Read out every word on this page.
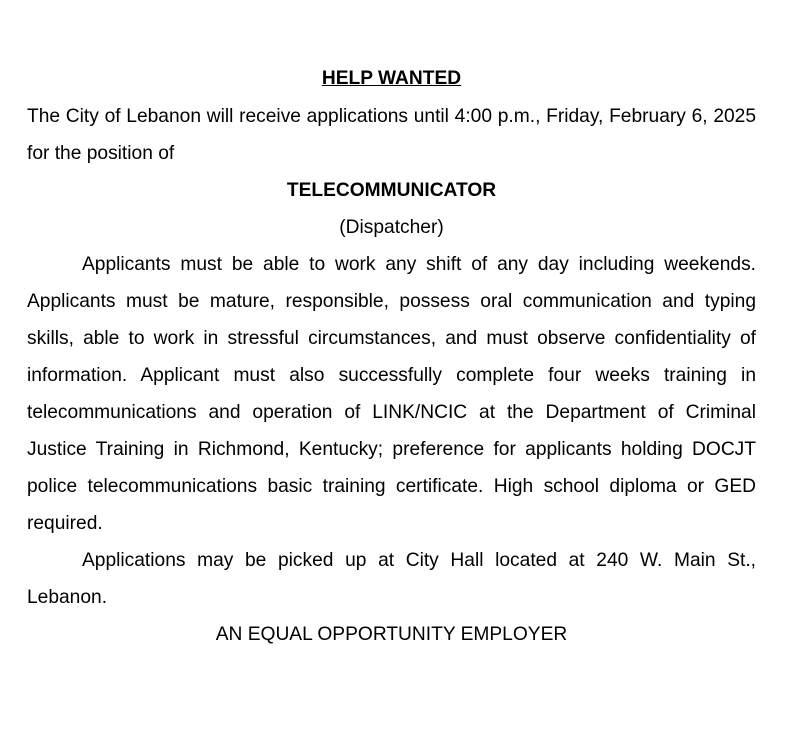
HELP WANTED

The City of Lebanon will receive applications until 4:00 p.m., Friday, February 6, 2025 for the position of

TELECOMMUNICATOR

(Dispatcher)

Applicants must be able to work any shift of any day including weekends. Applicants must be mature, responsible, possess oral communication and typing skills, able to work in stressful circumstances, and must observe confidentiality of information. Applicant must also successfully complete four weeks training in telecommunications and operation of LINK/NCIC at the Department of Criminal Justice Training in Richmond, Kentucky; preference for applicants holding DOCJT police telecommunications basic training certificate. High school diploma or GED required.

Applications may be picked up at City Hall located at 240 W. Main St., Lebanon.

AN EQUAL OPPORTUNITY EMPLOYER
